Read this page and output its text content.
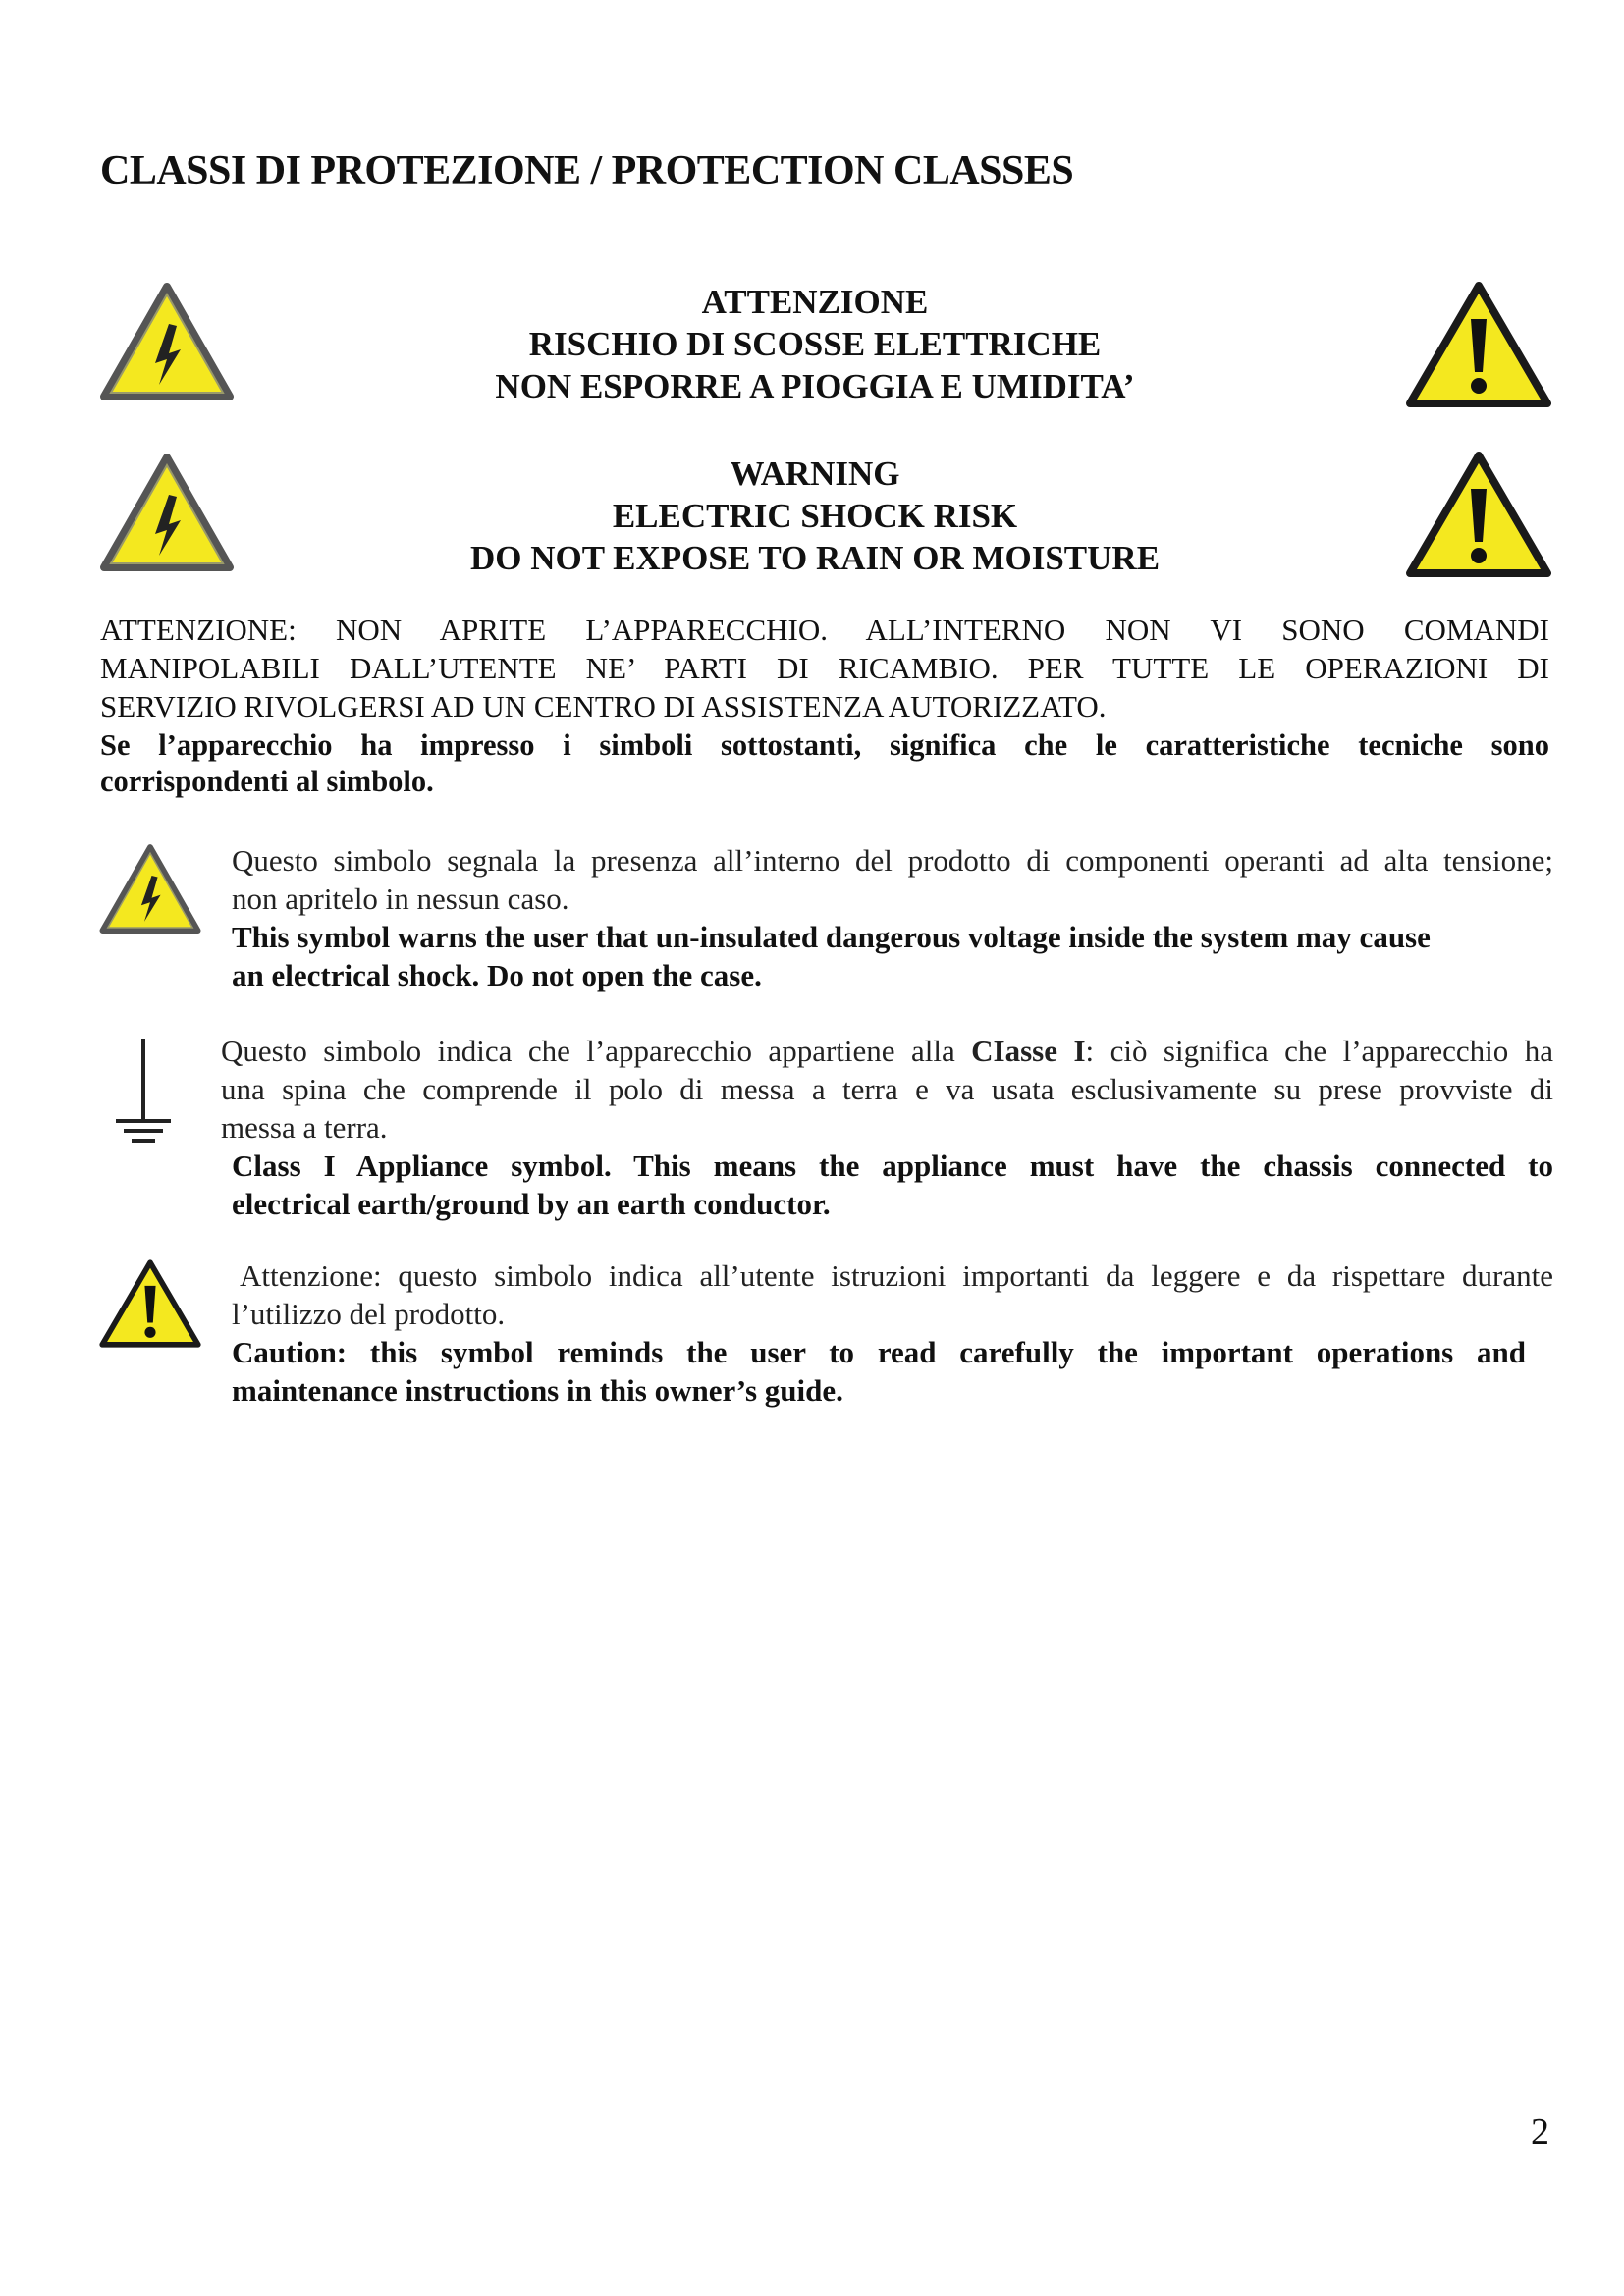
CLASSI DI PROTEZIONE / PROTECTION CLASSES
ATTENZIONE
RISCHIO DI SCOSSE ELETTRICHE
NON ESPORRE A PIOGGIA E UMIDITA’
WARNING
ELECTRIC SHOCK RISK
DO NOT EXPOSE TO RAIN OR MOISTURE
ATTENZIONE: NON APRITE L’APPARECCHIO. ALL’INTERNO NON VI SONO COMANDI
MANIPOLABILI DALL’UTENTE NE’ PARTI DI RICAMBIO. PER TUTTE LE OPERAZIONI DI
SERVIZIO RIVOLGERSI AD UN CENTRO DI ASSISTENZA AUTORIZZATO.
Se l’apparecchio ha impresso i simboli sottostanti, significa che le caratteristiche tecniche sono
corrispondenti al simbolo.
Questo simbolo segnala la presenza all’interno del prodotto di componenti operanti ad alta tensione;
non apritelo in nessun caso.
This symbol warns the user that un-insulated dangerous voltage inside the system may cause
an electrical shock. Do not open the case.
Questo simbolo indica che l’apparecchio appartiene alla CIasse I: ciò significa che l’apparecchio ha
una spina che comprende il polo di messa a terra e va usata esclusivamente su prese provviste di
messa a terra.
Class I Appliance symbol. This means the appliance must have the chassis connected to
electrical earth/ground by an earth conductor.
Attenzione: questo simbolo indica all’utente istruzioni importanti da leggere e da rispettare durante
l’utilizzo del prodotto.
Caution: this symbol reminds the user to read carefully the important operations and
maintenance instructions in this owner’s guide.
2
